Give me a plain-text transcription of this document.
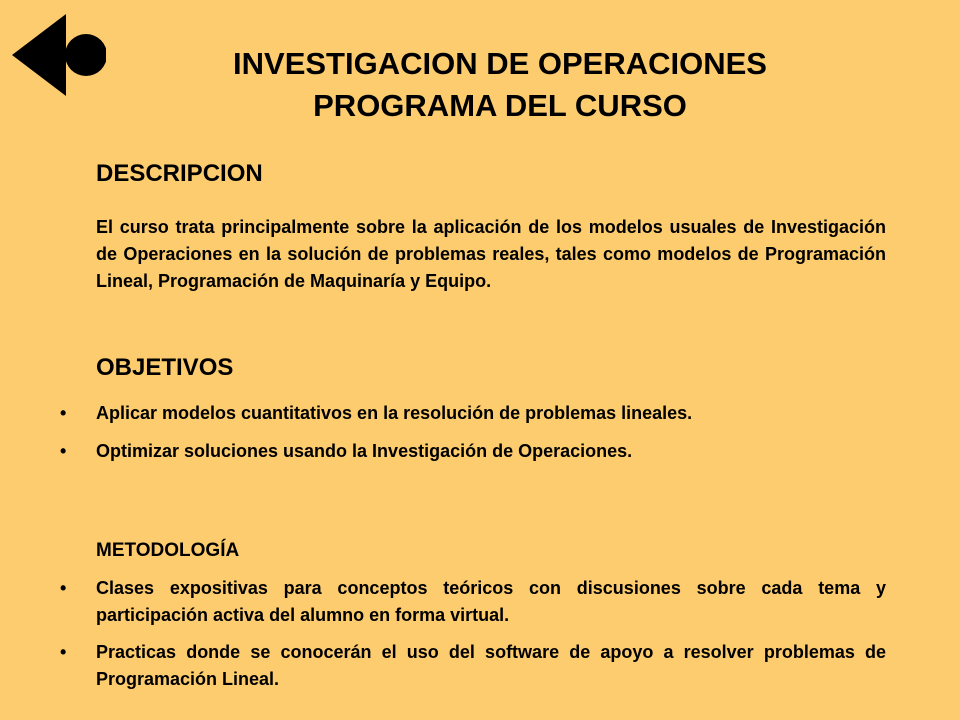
INVESTIGACION DE OPERACIONES
PROGRAMA DEL CURSO
DESCRIPCION

El curso trata principalmente sobre la aplicación de los modelos usuales de Investigación de Operaciones en la solución de problemas reales, tales como modelos de Programación Lineal, Programación de Maquinaría y Equipo.

OBJETIVOS
• Aplicar modelos cuantitativos en la resolución de problemas lineales.
• Optimizar soluciones usando la Investigación de Operaciones.
METODOLOGÍA
• Clases expositivas para conceptos teóricos con discusiones sobre cada tema y participación activa del alumno en forma virtual.
• Practicas donde se conocerán el uso del software de apoyo a resolver problemas de Programación Lineal.
